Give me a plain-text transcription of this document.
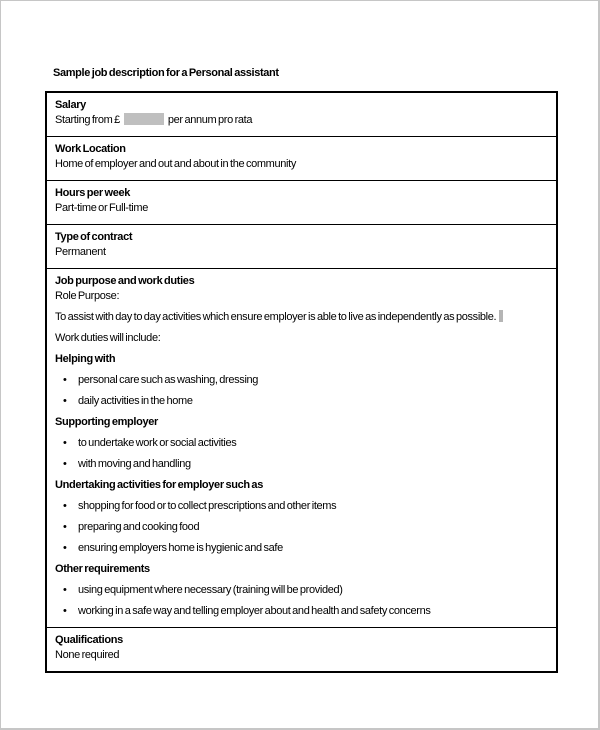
Sample job description for a Personal assistant
Salary
Starting from £	per annum pro rata
Work Location
Home of employer and out and about in the community
Hours per week
Part-time or Full-time
Type of contract
Permanent
Job purpose and work duties
Role Purpose:
To assist with day to day activities which ensure employer is able to live as independently as possible.
Work duties will include:
Helping with
•
personal care such as washing, dressing
•
daily activities in the home
Supporting employer
•
to undertake work or social activities
•
with moving and handling
Undertaking activities for employer such as
•
shopping for food or to collect prescriptions and other items
•
preparing and cooking food
•
ensuring employers home is hygienic and safe
Other requirements
•
using equipment where necessary (training will be provided)
•
working in a safe way and telling employer about and health and safety concerns
Qualifications
None required
